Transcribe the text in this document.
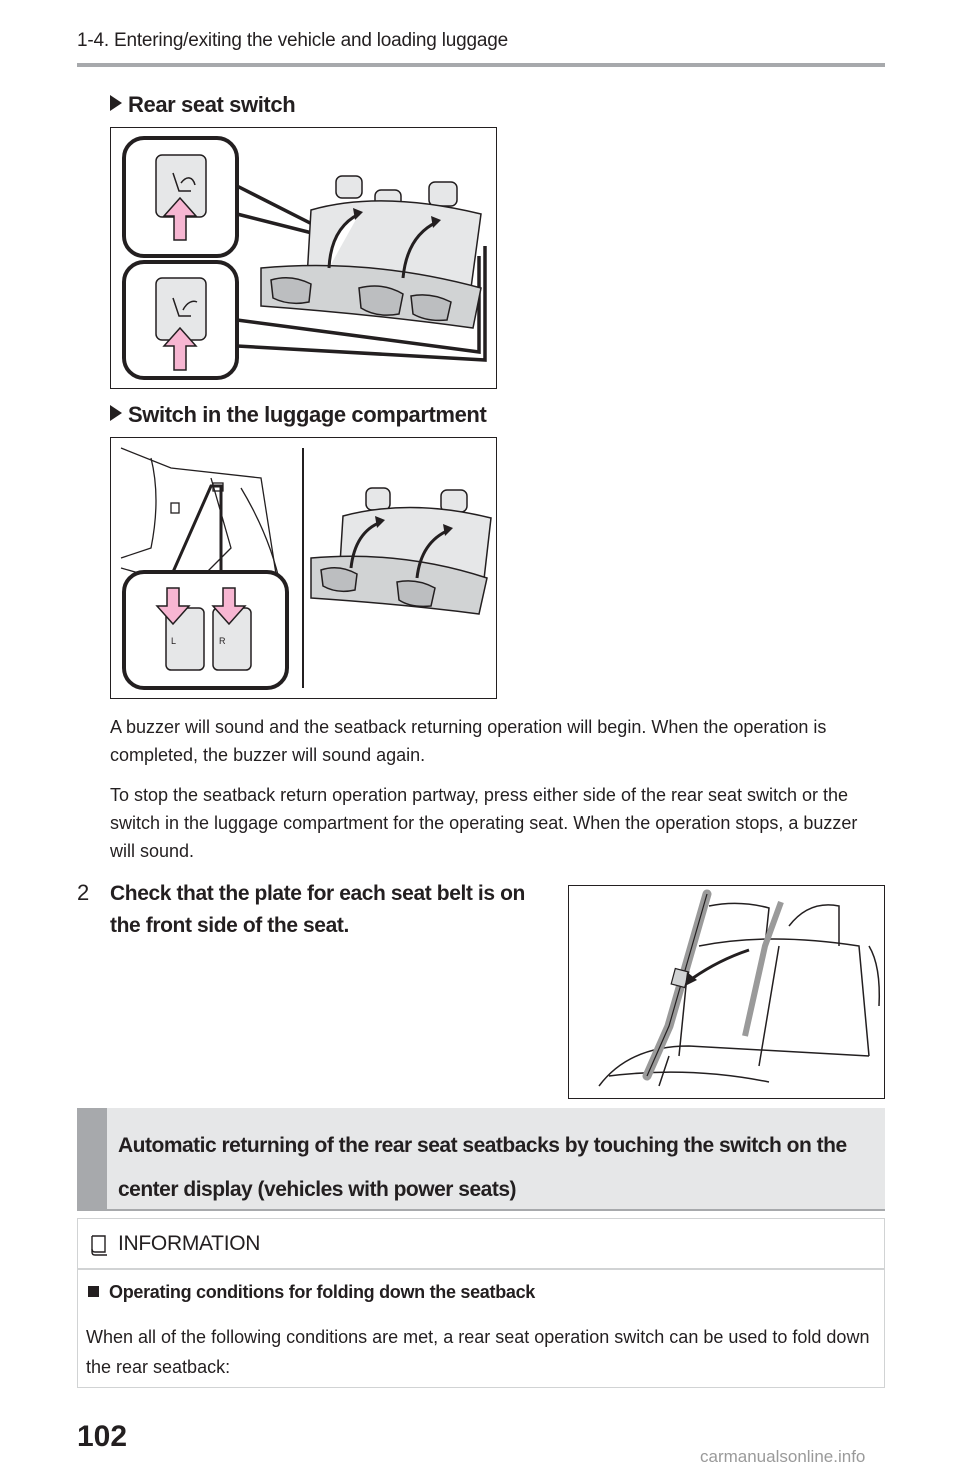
1-4. Entering/exiting the vehicle and loading luggage
Rear seat switch
Switch in the luggage compartment
L	R
A buzzer will sound and the seatback returning operation will begin. When the operation is completed, the buzzer will sound again.
To stop the seatback return operation partway, press either side of the rear seat switch or the switch in the luggage compartment for the operating seat. When the operation stops, a buzzer will sound.
2 Check that the plate for each seat belt is on the front side of the seat.
Automatic returning of the rear seat seatbacks by touching the switch on the
center display (vehicles with power seats)
INFORMATION
Operating conditions for folding down the seatback
When all of the following conditions are met, a rear seat operation switch can be used to fold down the rear seatback:
102
carmanualsonline.info
